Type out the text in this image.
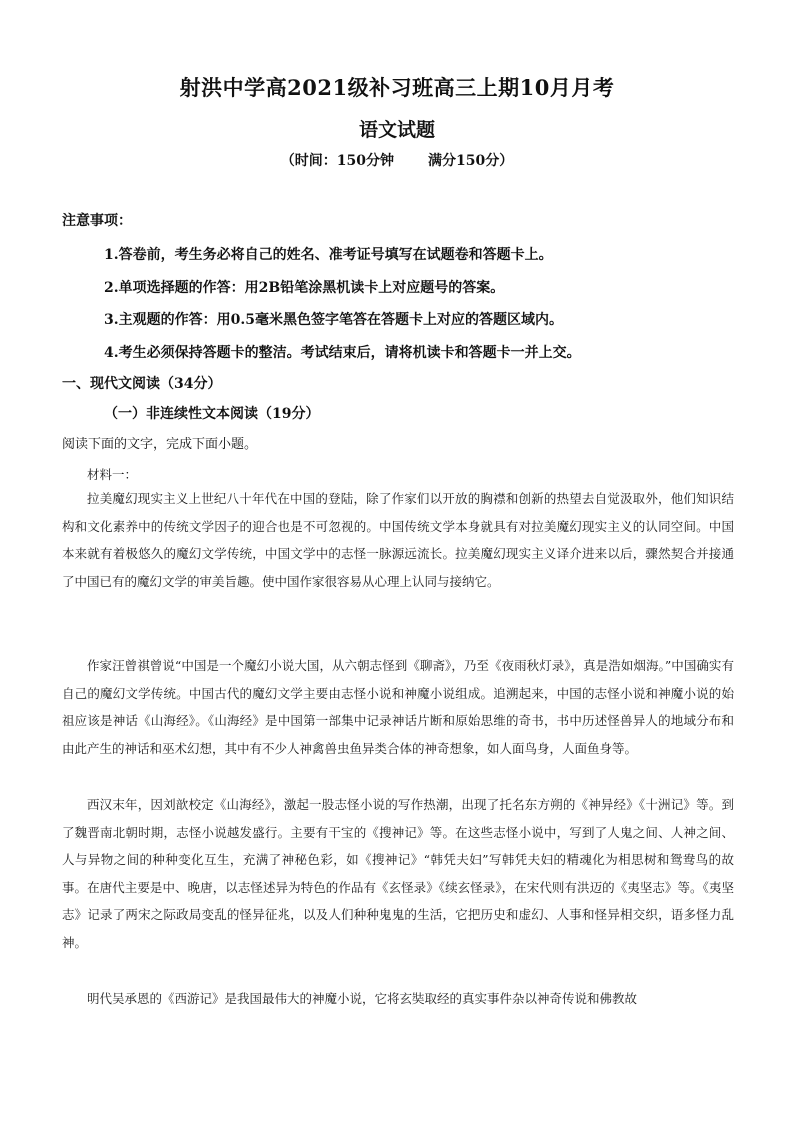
射洪中学高2021级补习班高三上期10月月考
语文试题
（时间：150分钟 满分150分）
注意事项：
1.答卷前，考生务必将自己的姓名、准考证号填写在试题卷和答题卡上。
2.单项选择题的作答：用2B铅笔涂黑机读卡上对应题号的答案。
3.主观题的作答：用0.5毫米黑色签字笔答在答题卡上对应的答题区域内。
4.考生必须保持答题卡的整洁。考试结束后，请将机读卡和答题卡一并上交。
一、现代文阅读（34分）
（一）非连续性文本阅读（19分）

阅读下面的文字，完成下面小题。

材料一：

拉美魔幻现实主义上世纪八十年代在中国的登陆，除了作家们以开放的胸襟和创新的热望去自觉汲取外，他们知识结构和文化素养中的传统文学因子的迎合也是不可忽视的。中国传统文学本身就具有对拉美魔幻现实主义的认同空间。中国本来就有着极悠久的魔幻文学传统，中国文学中的志怪一脉源远流长。拉美魔幻现实主义译介进来以后，骤然契合并接通了中国已有的魔幻文学的审美旨趣。使中国作家很容易从心理上认同与接纳它。

作家汪曾祺曾说“中国是一个魔幻小说大国，从六朝志怪到《聊斋》，乃至《夜雨秋灯录》，真是浩如烟海。”中国确实有自己的魔幻文学传统。中国古代的魔幻文学主要由志怪小说和神魔小说组成。追溯起来，中国的志怪小说和神魔小说的始祖应该是神话《山海经》。《山海经》是中国第一部集中记录神话片断和原始思维的奇书，书中历述怪兽异人的地域分布和由此产生的神话和巫术幻想，其中有不少人神禽兽虫鱼异类合体的神奇想象，如人面鸟身，人面鱼身等。

西汉末年，因刘歆校定《山海经》，激起一股志怪小说的写作热潮，出现了托名东方朔的《神异经》《十洲记》等。到了魏晋南北朝时期，志怪小说越发盛行。主要有干宝的《搜神记》等。在这些志怪小说中，写到了人鬼之间、人神之间、人与异物之间的种种变化互生，充满了神秘色彩，如《搜神记》“韩凭夫妇”写韩凭夫妇的精魂化为相思树和鸳鸯鸟的故事。在唐代主要是中、晚唐，以志怪述异为特色的作品有《玄怪录》《续玄怪录》，在宋代则有洪迈的《夷坚志》等。《夷坚志》记录了两宋之际政局变乱的怪异征兆，以及人们种种鬼鬼的生活，它把历史和虚幻、人事和怪异相交织，语多怪力乱神。

明代吴承恩的《西游记》是我国最伟大的神魔小说，它将玄奘取经的真实事件杂以神奇传说和佛教故
